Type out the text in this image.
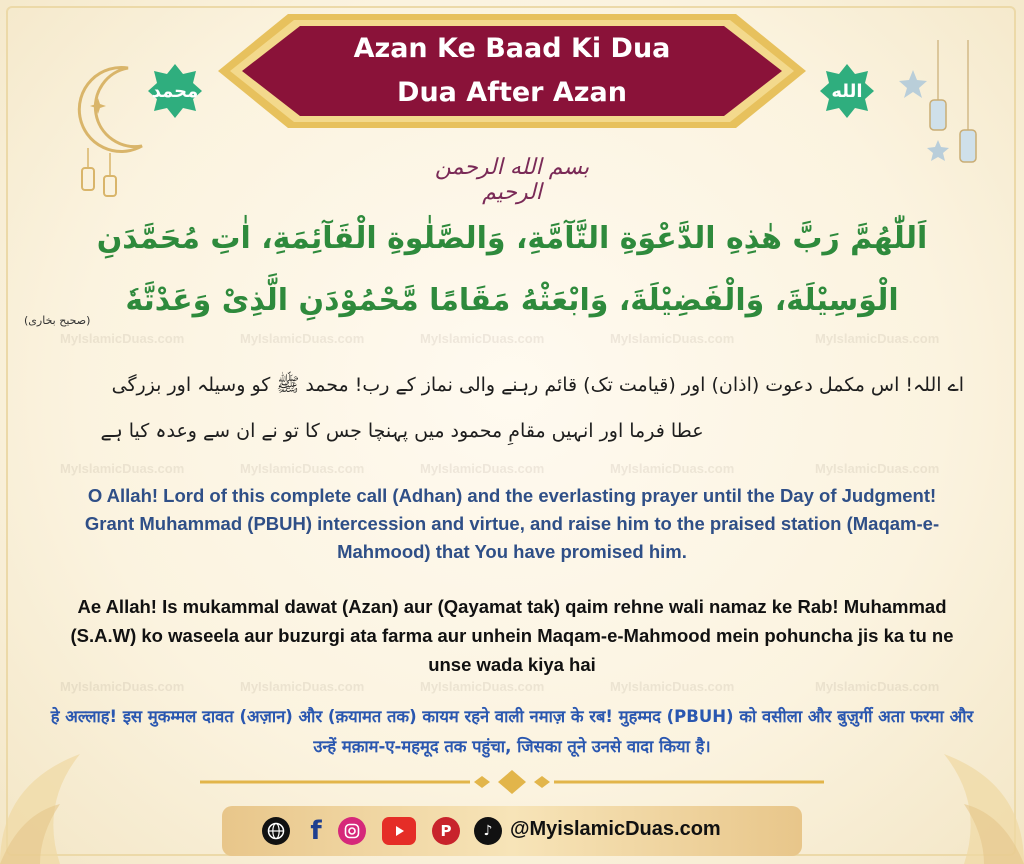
Azan Ke Baad Ki Dua
Dua After Azan
محمد	الله
بسم الله الرحمن الرحيم
MyIslamicDuas.com	MyIslamicDuas.com	MyIslamicDuas.com	MyIslamicDuas.com	MyIslamicDuas.com
MyIslamicDuas.com	MyIslamicDuas.com	MyIslamicDuas.com	MyIslamicDuas.com	MyIslamicDuas.com
MyIslamicDuas.com	MyIslamicDuas.com	MyIslamicDuas.com	MyIslamicDuas.com	MyIslamicDuas.com
اَللّٰهُمَّ رَبَّ هٰذِهِ الدَّعْوَةِ التَّآمَّةِ، وَالصَّلٰوةِ الْقَآئِمَةِ، اٰتِ مُحَمَّدَنِ
الْوَسِيْلَةَ، وَالْفَضِيْلَةَ، وَابْعَثْهُ مَقَامًا مَّحْمُوْدَنِ الَّذِىْ وَعَدْتَّهٗ
(صحیح بخاری)
اے اللہ! اس مکمل دعوت (اذان) اور (قیامت تک) قائم رہنے والی نماز کے رب! محمد ﷺ کو وسیلہ اور بزرگی
عطا فرما اور انہیں مقامِ محمود میں پہنچا جس کا تو نے ان سے وعدہ کیا ہے
O Allah! Lord of this complete call (Adhan) and the everlasting prayer until the Day of Judgment! Grant Muhammad (PBUH) intercession and virtue, and raise him to the praised station (Maqam-e-Mahmood) that You have promised him.
Ae Allah! Is mukammal dawat (Azan) aur (Qayamat tak) qaim rehne wali namaz ke Rab! Muhammad (S.A.W) ko waseela aur buzurgi ata farma aur unhein Maqam-e-Mahmood mein pohuncha jis ka tu ne unse wada kiya hai
हे अल्लाह! इस मुकम्मल दावत (अज़ान) और (क़यामत तक) कायम रहने वाली नमाज़ के रब! मुहम्मद (PBUH) को वसीला और बुज़ुर्गी अता फरमा और उन्हें मक़ाम-ए-महमूद तक पहुंचा, जिसका तूने उनसे वादा किया है।
f	P	♪ @MyislamicDuas.com
